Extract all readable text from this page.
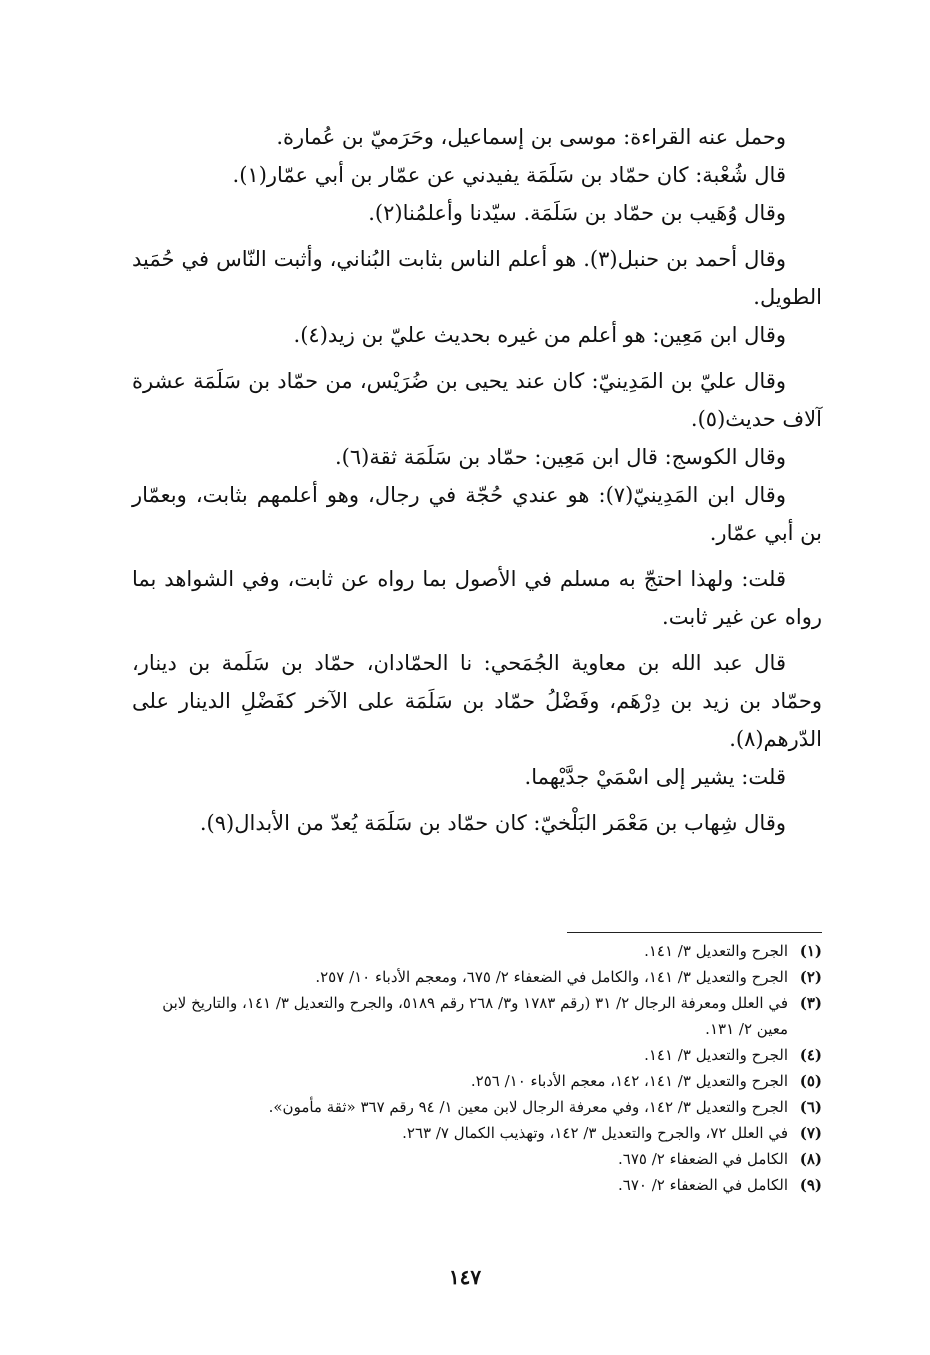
وحمل عنه القراءة: موسى بن إسماعيل، وحَرَميّ بن عُمارة.

قال شُعْبة: كان حمّاد بن سَلَمَة يفيدني عن عمّار بن أبي عمّار(١).

وقال وُهَيب بن حمّاد بن سَلَمَة. سيّدنا وأعلمُنا(٢).

وقال أحمد بن حنبل(٣). هو أعلم الناس بثابت البُناني، وأثبت النّاس في حُمَيد الطويل.

وقال ابن مَعِين: هو أعلم من غيره بحديث عليّ بن زيد(٤).

وقال عليّ بن المَدِينيّ: كان عند يحيى بن ضُرَيْس، من حمّاد بن سَلَمَة عشرة آلاف حديث(٥).

وقال الكوسج: قال ابن مَعِين: حمّاد بن سَلَمَة ثقة(٦).

وقال ابن المَدِينيّ(٧): هو عندي حُجّة في رجال، وهو أعلمهم بثابت، وبعمّار بن أبي عمّار.

قلت: ولهذا احتجّ به مسلم في الأصول بما رواه عن ثابت، وفي الشواهد بما رواه عن غير ثابت.

قال عبد الله بن معاوية الجُمَحي: نا الحمّادان، حمّاد بن سَلَمة بن دينار، وحمّاد بن زيد بن دِرْهَم، وفَضْلُ حمّاد بن سَلَمَة على الآخر كفَضْلِ الدينار على الدّرهم(٨).

قلت: يشير إلى اسْمَيْ جدَّيْهما.

وقال شِهاب بن مَعْمَر البَلْخيّ: كان حمّاد بن سَلَمَة يُعدّ من الأبدال(٩).

(١)
الجرح والتعديل ٣/ ١٤١.
(٢)
الجرح والتعديل ٣/ ١٤١، والكامل في الضعفاء ٢/ ٦٧٥، ومعجم الأدباء ١٠/ ٢٥٧.
(٣)
في العلل ومعرفة الرجال ٢/ ٣١ (رقم ١٧٨٣ و٣/ ٢٦٨ رقم ٥١٨٩، والجرح والتعديل ٣/ ١٤١، والتاريخ لابن معين ٢/ ١٣١.
(٤)
الجرح والتعديل ٣/ ١٤١.
(٥)
الجرح والتعديل ٣/ ١٤١، ١٤٢، معجم الأدباء ١٠/ ٢٥٦.
(٦)
الجرح والتعديل ٣/ ١٤٢، وفي معرفة الرجال لابن معين ١/ ٩٤ رقم ٣٦٧ «ثقة مأمون».
(٧)
في العلل ٧٢، والجرح والتعديل ٣/ ١٤٢، وتهذيب الكمال ٧/ ٢٦٣.
(٨)
الكامل في الضعفاء ٢/ ٦٧٥.
(٩)
الكامل في الضعفاء ٢/ ٦٧٠.
١٤٧
